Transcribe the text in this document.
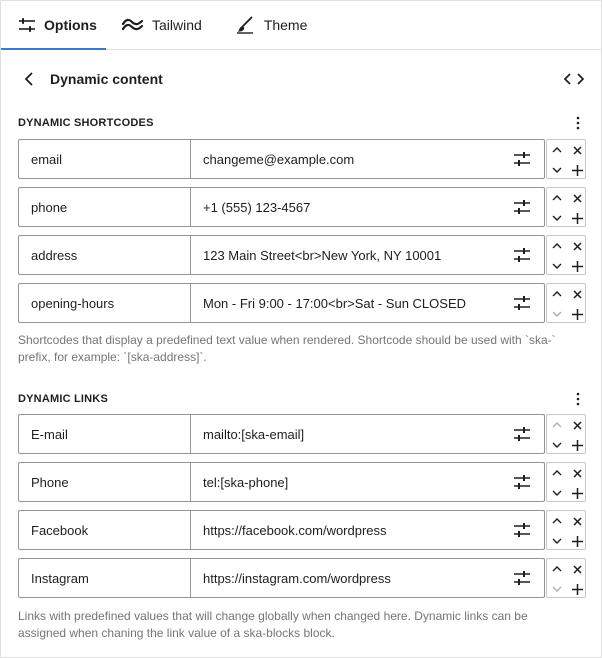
Options	Tailwind	Theme
Dynamic content
DYNAMIC SHORTCODES
email	changeme@example.com
phone	+1 (555) 123-4567
address	123 Main Street<br>New York, NY 10001
opening-hours	Mon - Fri 9:00 - 17:00<br>Sat - Sun CLOSED

Shortcodes that display a predefined text value when rendered. Shortcode should be used with `ska-` prefix, for example: `[ska-address]`.

DYNAMIC LINKS
E-mail	mailto:[ska-email]
Phone	tel:[ska-phone]
Facebook	https://facebook.com/wordpress
Instagram	https://instagram.com/wordpress

Links with predefined values that will change globally when changed here. Dynamic links can be assigned when chaning the link value of a ska-blocks block.
